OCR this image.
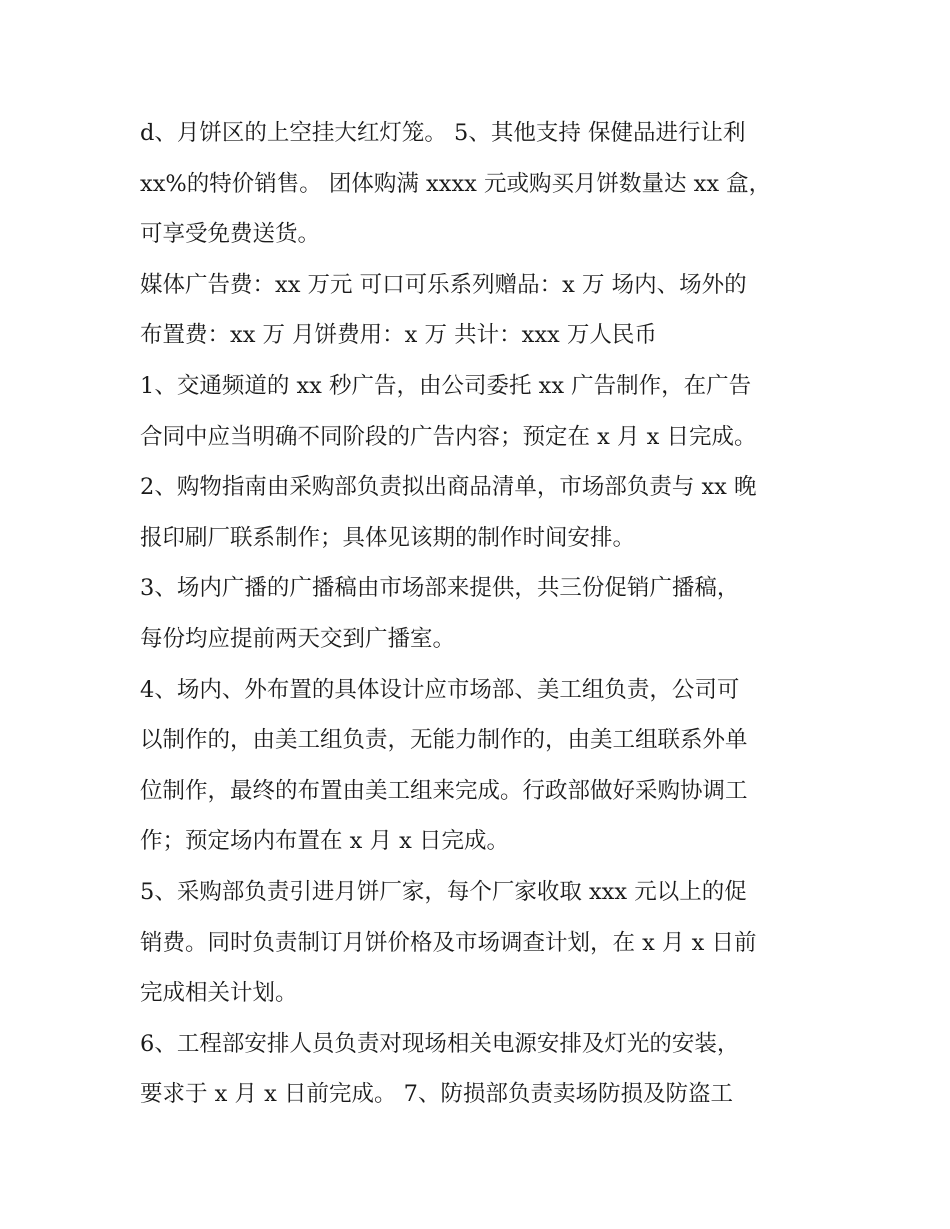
d、月饼区的上空挂大红灯笼。 5、其他支持 保健品进行让利
xx%的特价销售。 团体购满 xxxx 元或购买月饼数量达 xx 盒，
可享受免费送货。
媒体广告费：xx 万元 可口可乐系列赠品：x 万 场内、场外的
布置费：xx 万 月饼费用：x 万 共计：xxx 万人民币
1、交通频道的 xx 秒广告，由公司委托 xx 广告制作，在广告
合同中应当明确不同阶段的广告内容；预定在 x 月 x 日完成。
2、购物指南由采购部负责拟出商品清单，市场部负责与 xx 晚
报印刷厂联系制作；具体见该期的制作时间安排。
3、场内广播的广播稿由市场部来提供，共三份促销广播稿，
每份均应提前两天交到广播室。
4、场内、外布置的具体设计应市场部、美工组负责，公司可
以制作的，由美工组负责，无能力制作的，由美工组联系外单
位制作，最终的布置由美工组来完成。行政部做好采购协调工
作；预定场内布置在 x 月 x 日完成。
5、采购部负责引进月饼厂家，每个厂家收取 xxx 元以上的促
销费。同时负责制订月饼价格及市场调查计划，在 x 月 x 日前
完成相关计划。
6、工程部安排人员负责对现场相关电源安排及灯光的安装，
要求于 x 月 x 日前完成。 7、防损部负责卖场防损及防盗工
